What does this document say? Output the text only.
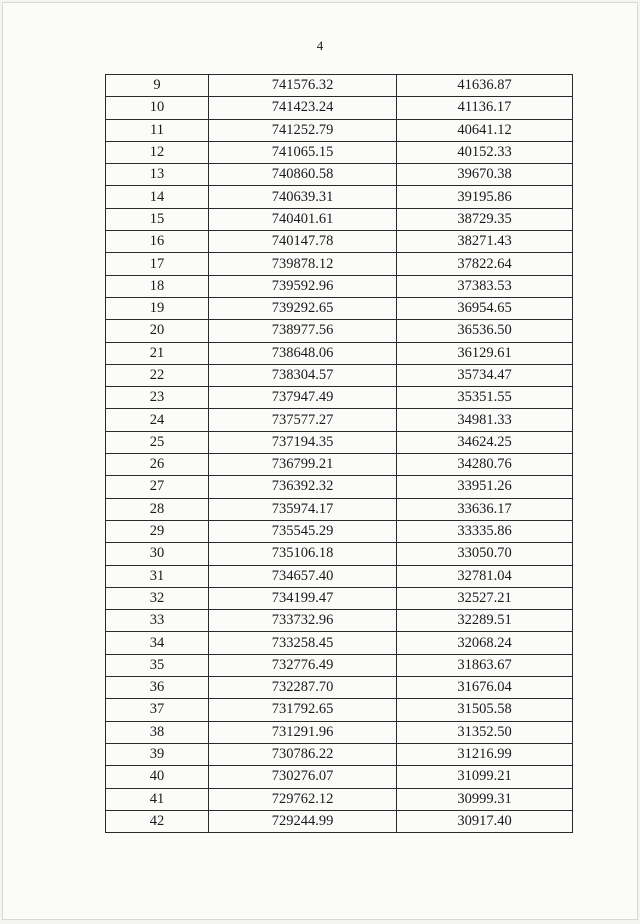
4
9	741576.32	41636.87
10	741423.24	41136.17
11	741252.79	40641.12
12	741065.15	40152.33
13	740860.58	39670.38
14	740639.31	39195.86
15	740401.61	38729.35
16	740147.78	38271.43
17	739878.12	37822.64
18	739592.96	37383.53
19	739292.65	36954.65
20	738977.56	36536.50
21	738648.06	36129.61
22	738304.57	35734.47
23	737947.49	35351.55
24	737577.27	34981.33
25	737194.35	34624.25
26	736799.21	34280.76
27	736392.32	33951.26
28	735974.17	33636.17
29	735545.29	33335.86
30	735106.18	33050.70
31	734657.40	32781.04
32	734199.47	32527.21
33	733732.96	32289.51
34	733258.45	32068.24
35	732776.49	31863.67
36	732287.70	31676.04
37	731792.65	31505.58
38	731291.96	31352.50
39	730786.22	31216.99
40	730276.07	31099.21
41	729762.12	30999.31
42	729244.99	30917.40
